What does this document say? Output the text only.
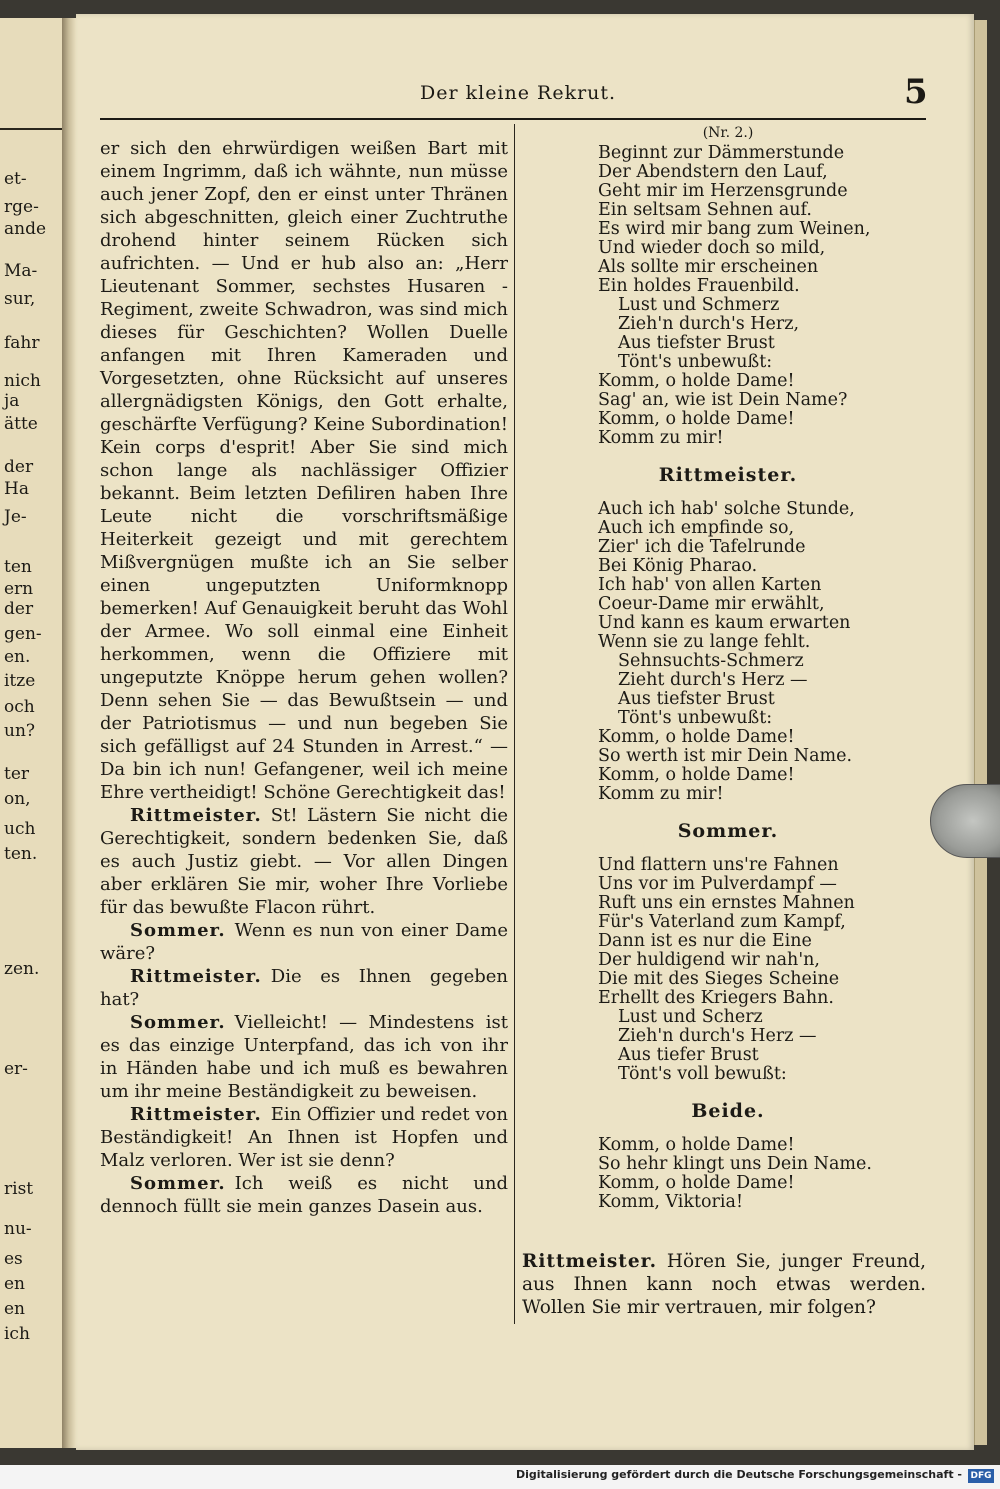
et-
rge-
ande
Ma-
sur,
fahr
nich
ja
ätte
der
Ha
Je-
ten
ern
der
gen-
en.
itze
och
un?
ter
on,
uch
ten.
zen.
er-
rist
nu-
es
en
en
ich
Der kleine Rekrut.	5
er sich den ehrwürdigen weißen Bart mit einem Ingrimm, daß ich wähnte, nun müsse auch jener Zopf, den er einst unter Thränen sich abgeschnitten, gleich einer Zuchtruthe drohend hinter seinem Rücken sich aufrichten. — Und er hub also an: „Herr Lieutenant Sommer, sechstes Husaren - Regiment, zweite Schwadron, was sind mich dieses für Geschichten? Wollen Duelle anfangen mit Ihren Kameraden und Vorgesetzten, ohne Rücksicht auf unseres allergnädigsten Königs, den Gott erhalte, geschärfte Verfügung? Keine Subordination! Kein corps d'esprit! Aber Sie sind mich schon lange als nachlässiger Offizier bekannt. Beim letzten Defiliren haben Ihre Leute nicht die vorschriftsmäßige Heiterkeit gezeigt und mit gerechtem Mißvergnügen mußte ich an Sie selber einen ungeputzten Uniformknopp bemerken! Auf Genauigkeit beruht das Wohl der Armee. Wo soll einmal eine Einheit herkommen, wenn die Offiziere mit ungeputzte Knöppe herum gehen wollen? Denn sehen Sie — das Bewußtsein — und der Patriotismus — und nun begeben Sie sich gefälligst auf 24 Stunden in Arrest.“ — Da bin ich nun! Gefangener, weil ich meine Ehre vertheidigt! Schöne Gerechtigkeit das!
Rittmeister.  St! Lästern Sie nicht die Gerechtigkeit, sondern bedenken Sie, daß es auch Justiz giebt. — Vor allen Dingen aber erklären Sie mir, woher Ihre Vorliebe für das bewußte Flacon rührt.
Sommer.  Wenn es nun von einer Dame wäre?
Rittmeister.  Die es Ihnen gegeben hat?
Sommer.  Vielleicht! — Mindestens ist es das einzige Unterpfand, das ich von ihr in Händen habe und ich muß es bewahren um ihr meine Beständigkeit zu beweisen.
Rittmeister.  Ein Offizier und redet von Beständigkeit! An Ihnen ist Hopfen und Malz verloren. Wer ist sie denn?
Sommer.  Ich weiß es nicht und dennoch füllt sie mein ganzes Dasein aus.
(Nr. 2.)
Beginnt zur Dämmerstunde
Der Abendstern den Lauf,
Geht mir im Herzensgrunde
Ein seltsam Sehnen auf.
Es wird mir bang zum Weinen,
Und wieder doch so mild,
Als sollte mir erscheinen
Ein holdes Frauenbild.
Lust und Schmerz
Zieh'n durch's Herz,
Aus tiefster Brust
Tönt's unbewußt:
Komm, o holde Dame!
Sag' an, wie ist Dein Name?
Komm, o holde Dame!
Komm zu mir!
Rittmeister.
Auch ich hab' solche Stunde,
Auch ich empfinde so,
Zier' ich die Tafelrunde
Bei König Pharao.
Ich hab' von allen Karten
Coeur-Dame mir erwählt,
Und kann es kaum erwarten
Wenn sie zu lange fehlt.
Sehnsuchts-Schmerz
Zieht durch's Herz —
Aus tiefster Brust
Tönt's unbewußt:
Komm, o holde Dame!
So werth ist mir Dein Name.
Komm, o holde Dame!
Komm zu mir!
Sommer.
Und flattern uns're Fahnen
Uns vor im Pulverdampf —
Ruft uns ein ernstes Mahnen
Für's Vaterland zum Kampf,
Dann ist es nur die Eine
Der huldigend wir nah'n,
Die mit des Sieges Scheine
Erhellt des Kriegers Bahn.
Lust und Scherz
Zieh'n durch's Herz —
Aus tiefer Brust
Tönt's voll bewußt:
Beide.
Komm, o holde Dame!
So hehr klingt uns Dein Name.
Komm, o holde Dame!
Komm, Viktoria!
Rittmeister. Hören Sie, junger Freund, aus Ihnen kann noch etwas werden. Wollen Sie mir vertrauen, mir folgen?
Digitalisierung gefördert durch die Deutsche Forschungsgemeinschaft - DFG
